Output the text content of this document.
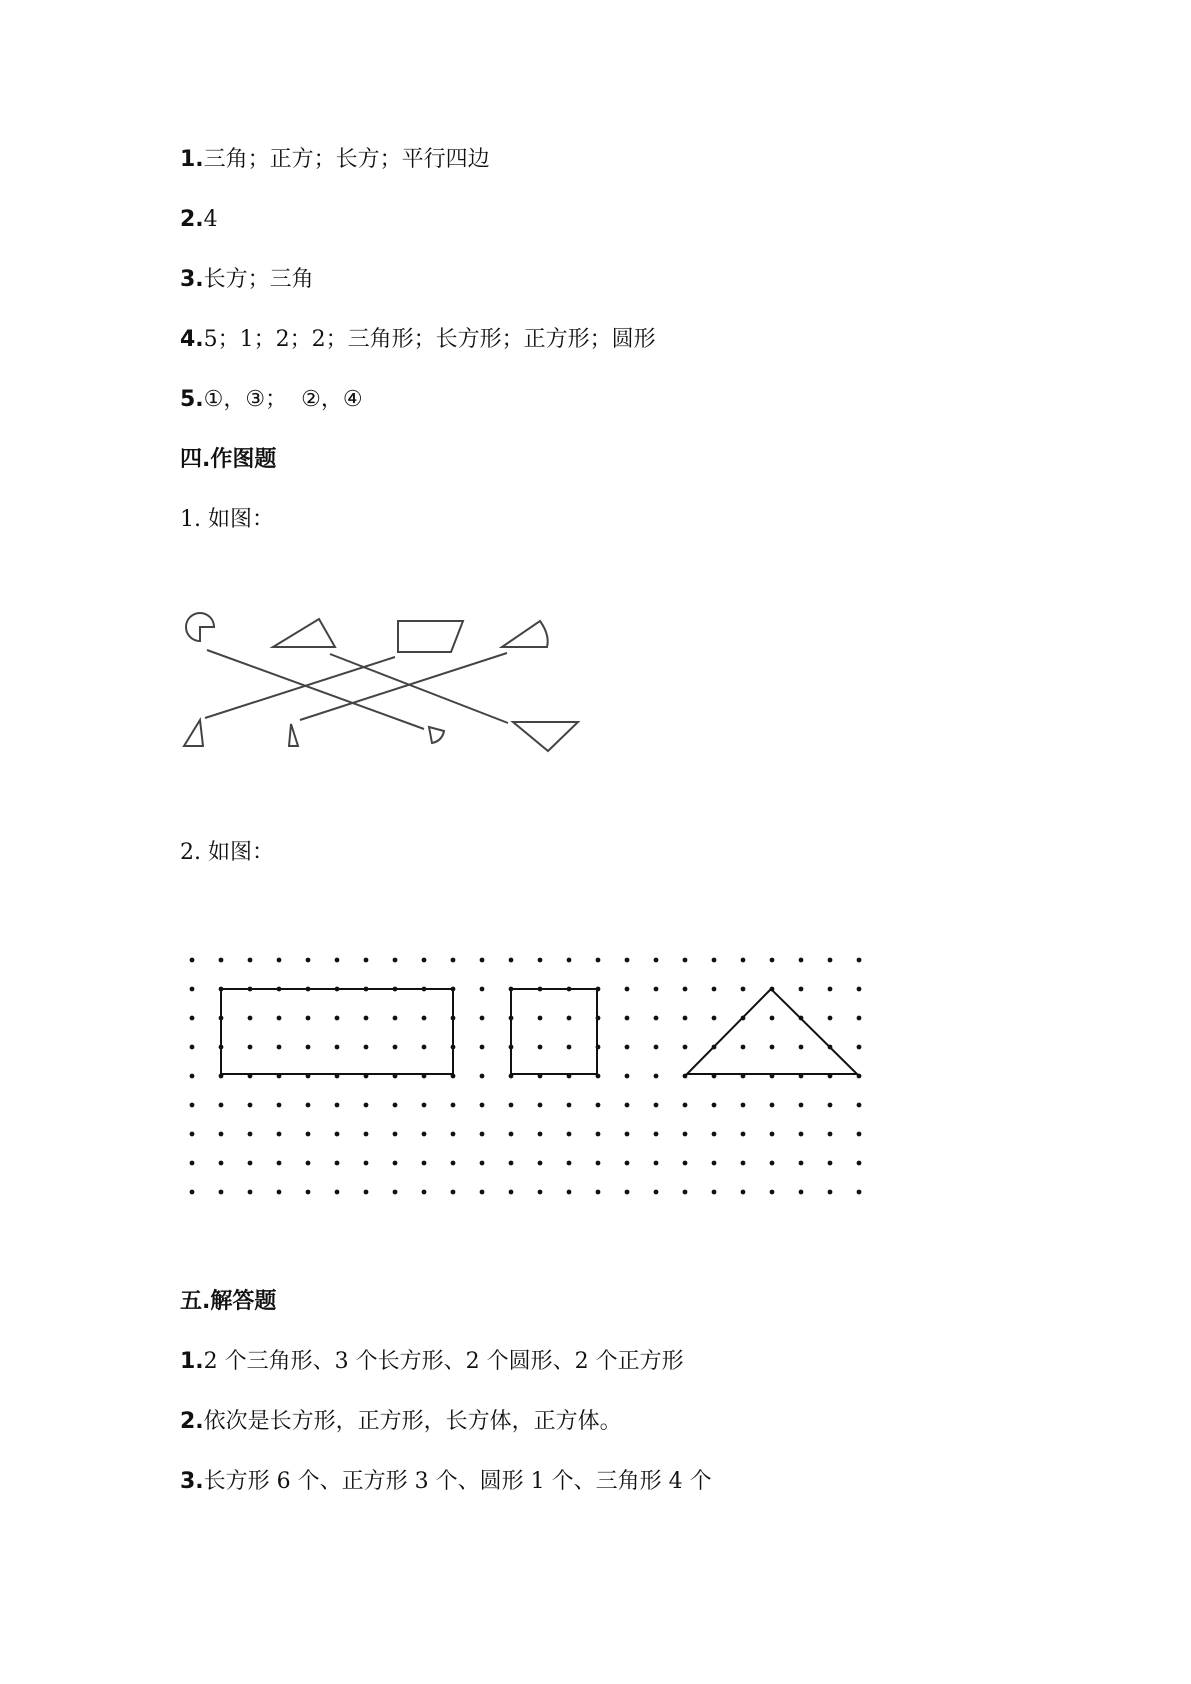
1.三角；正方；长方；平行四边
2.4
3.长方；三角
4.5；1；2；2；三角形；长方形；正方形；圆形
5.①，③；  ②，④
四.作图题
1. 如图：
2. 如图：
五.解答题
1.2 个三角形、3 个长方形、2 个圆形、2 个正方形
2.依次是长方形，正方形，长方体，正方体。
3.长方形 6 个、正方形 3 个、圆形 1 个、三角形 4 个
